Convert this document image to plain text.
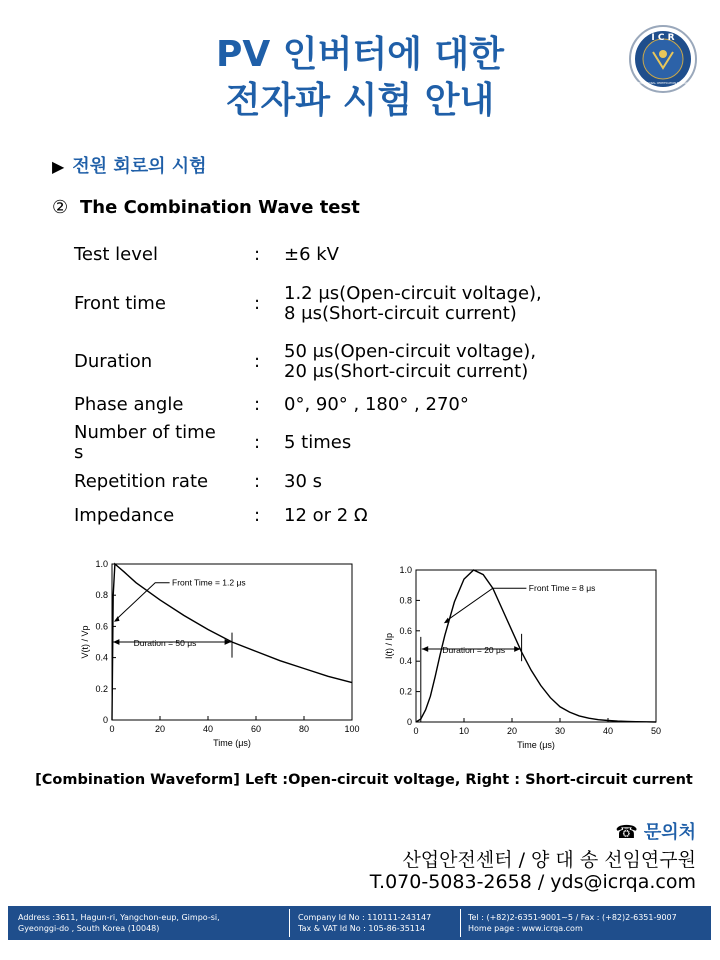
PV 인버터에 대한
전자파 시험 안내
I C R
INTERNATIONAL CERTIFICATION RESEARCH
▶ 전원 회로의 시험
② The Combination Wave test
Test level	: ±6 kV
Front time	: 1.2 μs(Open-circuit voltage),
8 μs(Short-circuit current)
Duration	: 50 μs(Open-circuit voltage),
20 μs(Short-circuit current)
Phase angle	: 0°, 90° , 180° , 270°
Number of time
s	: 5 times
Repetition rate	: 30 s
Impedance	: 12 or 2 Ω
0	20	40	60	80	100
0
0.2
0.4
0.6
0.8
1.0
Time (μs)
V(t) / Vp
Front Time = 1.2 μs
Duration = 50 μs
0	10	20	30	40	50
0
0.2
0.4
0.6
0.8
1.0
Time (μs)
I(t) / Ip
Front Time = 8 μs
Duration = 20 μs
[Combination Waveform] Left :Open-circuit voltage, Right : Short-circuit current
☎ 문의처
산업안전센터 / 양 대 송 선임연구원
T.070-5083-2658 / yds@icrqa.com
Address :3611, Hagun-ri, Yangchon-eup, Gimpo-si,
Gyeonggi-do , South Korea (10048)
Company Id No : 110111-243147
Tax & VAT Id No : 105-86-35114
Tel : (+82)2-6351-9001~5 / Fax : (+82)2-6351-9007
Home page : www.icrqa.com
